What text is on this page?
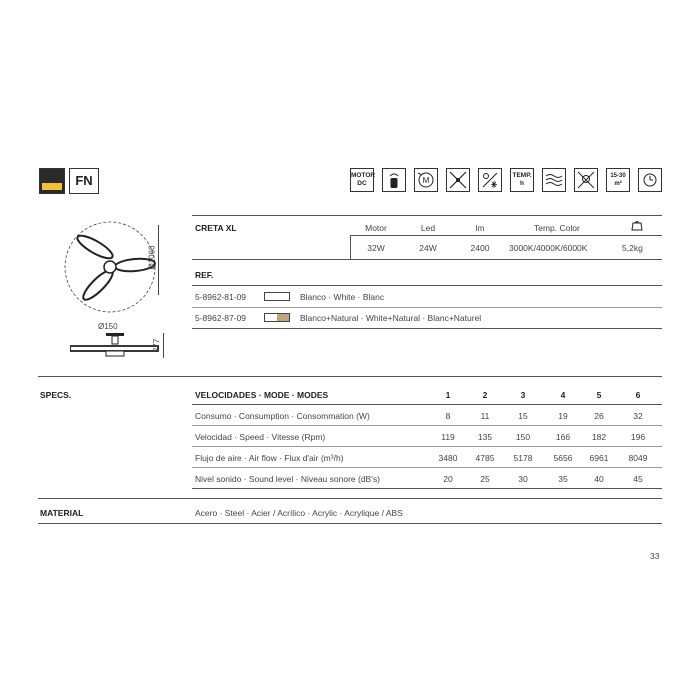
FN	MOTOR
DC	M
TEMP.
h
15-30
m²
Ø1066
Ø150
277
CRETA XL	Motor	Led	lm	Temp. Color
32W	24W	2400	3000K/4000K/6000K	5,2kg
REF.
5-8962-81-09	Blanco · White · Blanc
5-8962-87-09	Blanco+Natural · White+Natural · Blanc+Naturel
SPECS.	VELOCIDADES · MODE · MODES	1	2	3	4	5	6
Consumo · Consumption · Consommation (W)	8	11	15	19	26	32
Velocidad · Speed · Vitesse (Rpm)	119	135	150	166	182	196
Flujo de aire · Air flow · Flux d'air (m³/h)	3480	4785	5178	5656	6961	8049
Nivel sonido · Sound level · Niveau sonore (dB's)	20	25	30	35	40	45
MATERIAL	Acero · Steel · Acier / Acrílico · Acrylic · Acrylique / ABS
33
